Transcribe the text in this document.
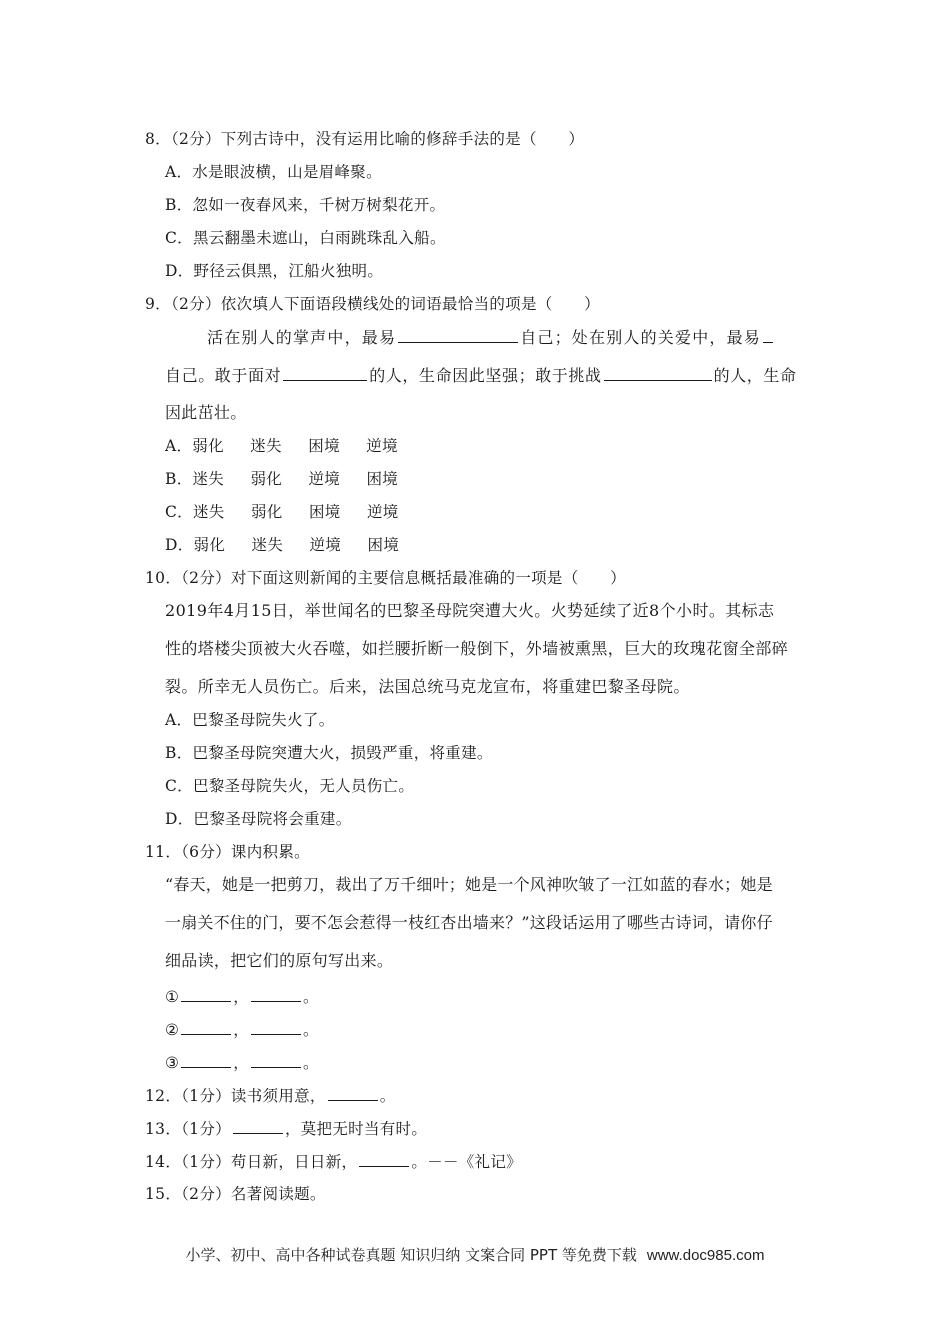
8．（2分）下列古诗中，没有运用比喻的修辞手法的是（　　）
A．水是眼波横，山是眉峰聚。
B．忽如一夜春风来，千树万树梨花开。
C．黑云翻墨未遮山，白雨跳珠乱入船。
D．野径云俱黑，江船火独明。
9．（2分）依次填人下面语段横线处的词语最恰当的项是（　　）
活在别人的掌声中，最易	自己；处在别人的关爱中，最易
自己。敢于面对	的人，生命因此坚强；敢于挑战	的人，生命
因此茁壮。
A．弱化 迷失 困境 逆境
B．迷失 弱化 逆境 困境
C．迷失 弱化 困境 逆境
D．弱化 迷失 逆境 困境
10．（2分）对下面这则新闻的主要信息概括最准确的一项是（　　）
2019年4月15日，举世闻名的巴黎圣母院突遭大火。火势延续了近8个小时。其标志
性的塔楼尖顶被大火吞噬，如拦腰折断一般倒下，外墙被熏黑，巨大的玫瑰花窗全部碎
裂。所幸无人员伤亡。后来，法国总统马克龙宣布，将重建巴黎圣母院。
A．巴黎圣母院失火了。
B．巴黎圣母院突遭大火，损毁严重，将重建。
C．巴黎圣母院失火，无人员伤亡。
D．巴黎圣母院将会重建。
11．（6分）课内积累。
“春天，她是一把剪刀，裁出了万千细叶；她是一个风神吹皱了一江如蓝的春水；她是
一扇关不住的门，要不怎会惹得一枝红杏出墙来？”这段话运用了哪些古诗词，请你仔
细品读，把它们的原句写出来。
①	，	。
②	，	。
③	，	。
12．（1分）读书须用意，	。
13．（1分）	，莫把无时当有时。
14．（1分）苟日新，日日新，	。－－《礼记》
15．（2分）名著阅读题。
小学、初中、高中各种试卷真题 知识归纳 文案合同 PPT 等免费下载 www.doc985.com
